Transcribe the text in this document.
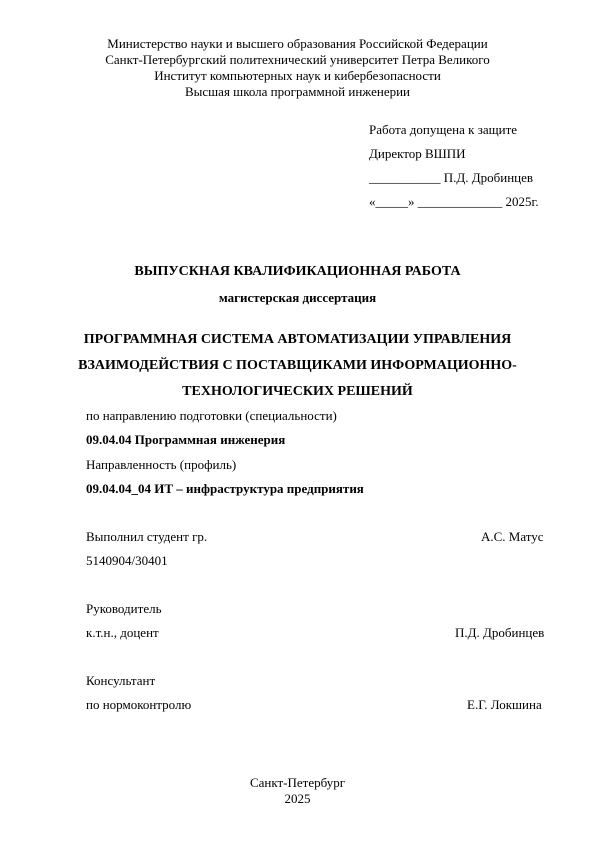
Министерство науки и высшего образования Российской Федерации
Санкт-Петербургский политехнический университет Петра Великого
Институт компьютерных наук и кибербезопасности
Высшая школа программной инженерии
Работа допущена к защите
Директор ВШПИ
___________ П.Д. Дробинцев
«_____» _____________ 2025г.
ВЫПУСКНАЯ КВАЛИФИКАЦИОННАЯ РАБОТА
магистерская диссертация
ПРОГРАММНАЯ СИСТЕМА АВТОМАТИЗАЦИИ УПРАВЛЕНИЯ
ВЗАИМОДЕЙСТВИЯ С ПОСТАВЩИКАМИ ИНФОРМАЦИОННО-
ТЕХНОЛОГИЧЕСКИХ РЕШЕНИЙ
по направлению подготовки (специальности)
09.04.04 Программная инженерия
Направленность (профиль)
09.04.04_04 ИТ – инфраструктура предприятия
Выполнил студент гр.	А.С. Матус
5140904/30401
Руководитель
к.т.н., доцент	П.Д. Дробинцев
Консультант
по нормоконтролю	Е.Г. Локшина
Санкт-Петербург
2025
